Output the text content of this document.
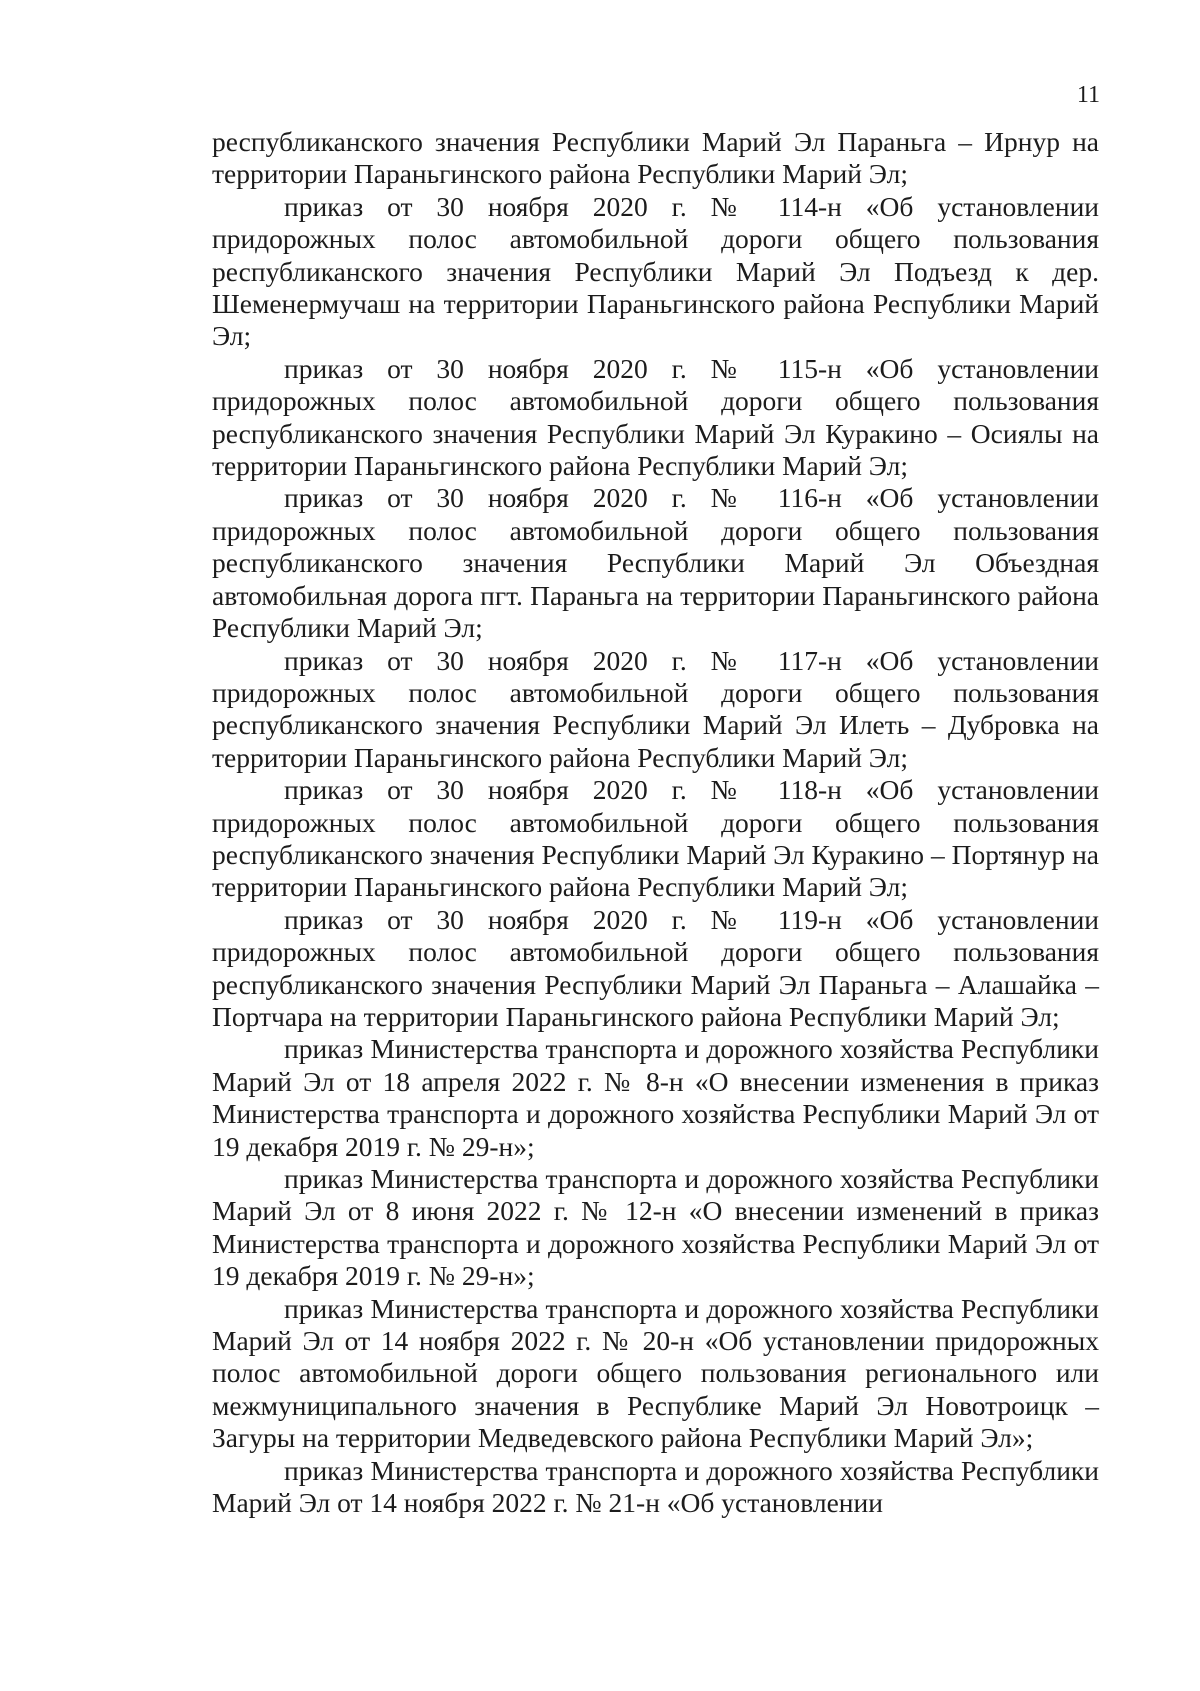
11

республиканского значения Республики Марий Эл Параньга – Ирнур на территории Параньгинского района Республики Марий Эл;

приказ от 30 ноября 2020 г. № 114-н «Об установлении придорожных полос автомобильной дороги общего пользования республиканского значения Республики Марий Эл Подъезд к дер. Шеменермучаш на территории Параньгинского района Республики Марий Эл;

приказ от 30 ноября 2020 г. № 115-н «Об установлении придорожных полос автомобильной дороги общего пользования республиканского значения Республики Марий Эл Куракино – Осиялы на территории Параньгинского района Республики Марий Эл;

приказ от 30 ноября 2020 г. № 116-н «Об установлении придорожных полос автомобильной дороги общего пользования республиканского значения Республики Марий Эл Объездная автомобильная дорога пгт. Параньга на территории Параньгинского района Республики Марий Эл;

приказ от 30 ноября 2020 г. № 117-н «Об установлении придорожных полос автомобильной дороги общего пользования республиканского значения Республики Марий Эл Илеть – Дубровка на территории Параньгинского района Республики Марий Эл;

приказ от 30 ноября 2020 г. № 118-н «Об установлении придорожных полос автомобильной дороги общего пользования республиканского значения Республики Марий Эл Куракино – Портянур на территории Параньгинского района Республики Марий Эл;

приказ от 30 ноября 2020 г. № 119-н «Об установлении придорожных полос автомобильной дороги общего пользования республиканского значения Республики Марий Эл Параньга – Алашайка – Портчара на территории Параньгинского района Республики Марий Эл;

приказ Министерства транспорта и дорожного хозяйства Республики Марий Эл от 18 апреля 2022 г. № 8-н «О внесении изменения в приказ Министерства транспорта и дорожного хозяйства Республики Марий Эл от 19 декабря 2019 г. № 29-н»;

приказ Министерства транспорта и дорожного хозяйства Республики Марий Эл от 8 июня 2022 г. № 12-н «О внесении изменений в приказ Министерства транспорта и дорожного хозяйства Республики Марий Эл от 19 декабря 2019 г. № 29-н»;

приказ Министерства транспорта и дорожного хозяйства Республики Марий Эл от 14 ноября 2022 г. № 20-н «Об установлении придорожных полос автомобильной дороги общего пользования регионального или межмуниципального значения в Республике Марий Эл Новотроицк – Загуры на территории Медведевского района Республики Марий Эл»;

приказ Министерства транспорта и дорожного хозяйства Республики Марий Эл от 14 ноября 2022 г. № 21-н «Об установлении
